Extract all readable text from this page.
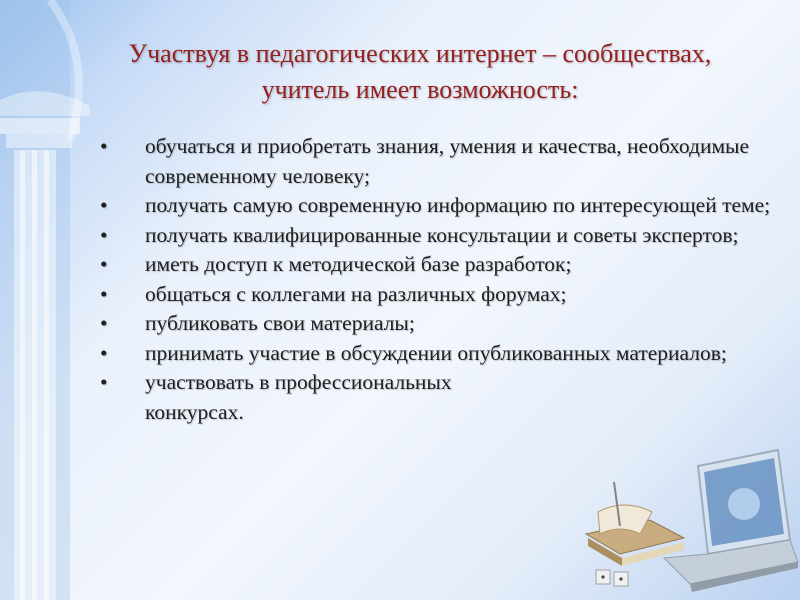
Участвуя в педагогических интернет – сообществах,
учитель имеет возможность:
• обучаться и приобретать знания, умения и качества, необходимые современному человеку;
• получать самую современную информацию по интересующей теме;
• получать квалифицированные консультации и советы экспертов;
• иметь доступ к методической базе разработок;
• общаться с коллегами на различных форумах;
• публиковать свои материалы;
• принимать участие в обсуждении опубликованных материалов;
• участвовать в профессиональных конкурсах.
